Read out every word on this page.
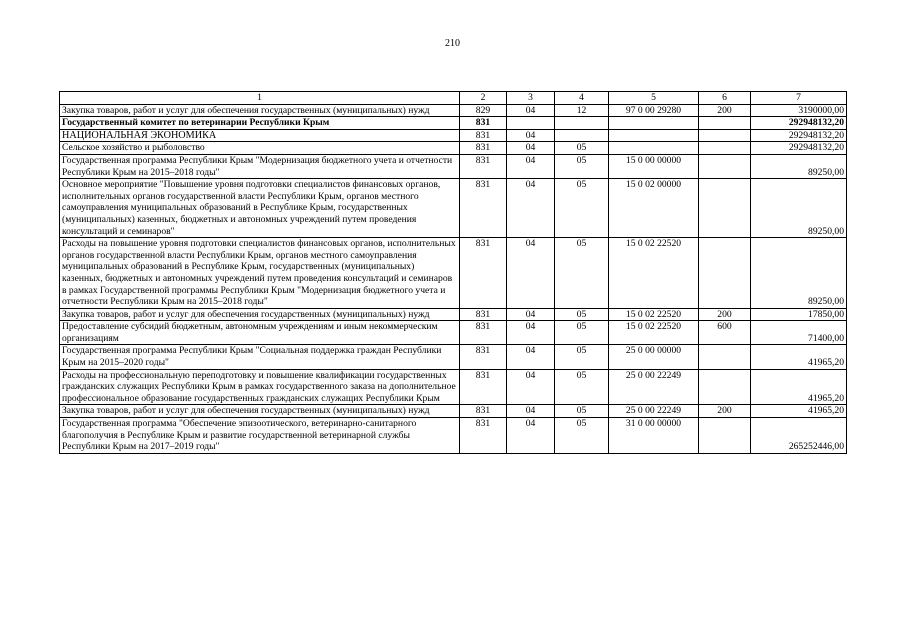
210
1	2	3	4	5	6	7
Закупка товаров, работ и услуг для обеспечения государственных (муниципальных) нужд	829	04	12	97 0 00 29280	200	3190000,00
Государственный комитет по ветеринарии Республики Крым	831					292948132,20
НАЦИОНАЛЬНАЯ ЭКОНОМИКА	831	04				292948132,20
Сельское хозяйство и рыболовство	831	04	05			292948132,20
Государственная программа Республики Крым "Модернизация бюджетного учета и отчетности Республики Крым на 2015–2018 годы"	831	04	05	15 0 00 00000		89250,00
Основное мероприятие "Повышение уровня подготовки специалистов финансовых органов, исполнительных органов государственной власти Республики Крым, органов местного самоуправления муниципальных образований в Республике Крым, государственных (муниципальных) казенных, бюджетных и автономных учреждений путем проведения консультаций и семинаров"	831	04	05	15 0 02 00000		89250,00
Расходы на повышение уровня подготовки специалистов финансовых органов, исполнительных органов государственной власти Республики Крым, органов местного самоуправления муниципальных образований в Республике Крым, государственных (муниципальных) казенных, бюджетных и автономных учреждений путем проведения консультаций и семинаров в рамках Государственной программы Республики Крым "Модернизация бюджетного учета и отчетности Республики Крым на 2015–2018 годы"	831	04	05	15 0 02 22520		89250,00
Закупка товаров, работ и услуг для обеспечения государственных (муниципальных) нужд	831	04	05	15 0 02 22520	200	17850,00
Предоставление субсидий бюджетным, автономным учреждениям и иным некоммерческим организациям	831	04	05	15 0 02 22520	600	71400,00
Государственная программа Республики Крым "Социальная поддержка граждан Республики Крым на 2015–2020 годы"	831	04	05	25 0 00 00000		41965,20
Расходы на профессиональную переподготовку и повышение квалификации государственных гражданских служащих Республики Крым в рамках государственного заказа на дополнительное профессиональное образование государственных гражданских служащих Республики Крым	831	04	05	25 0 00 22249		41965,20
Закупка товаров, работ и услуг для обеспечения государственных (муниципальных) нужд	831	04	05	25 0 00 22249	200	41965,20
Государственная программа "Обеспечение эпизоотического, ветеринарно-санитарного благополучия в Республике Крым и развитие государственной ветеринарной службы Республики Крым на 2017–2019 годы"	831	04	05	31 0 00 00000		265252446,00
